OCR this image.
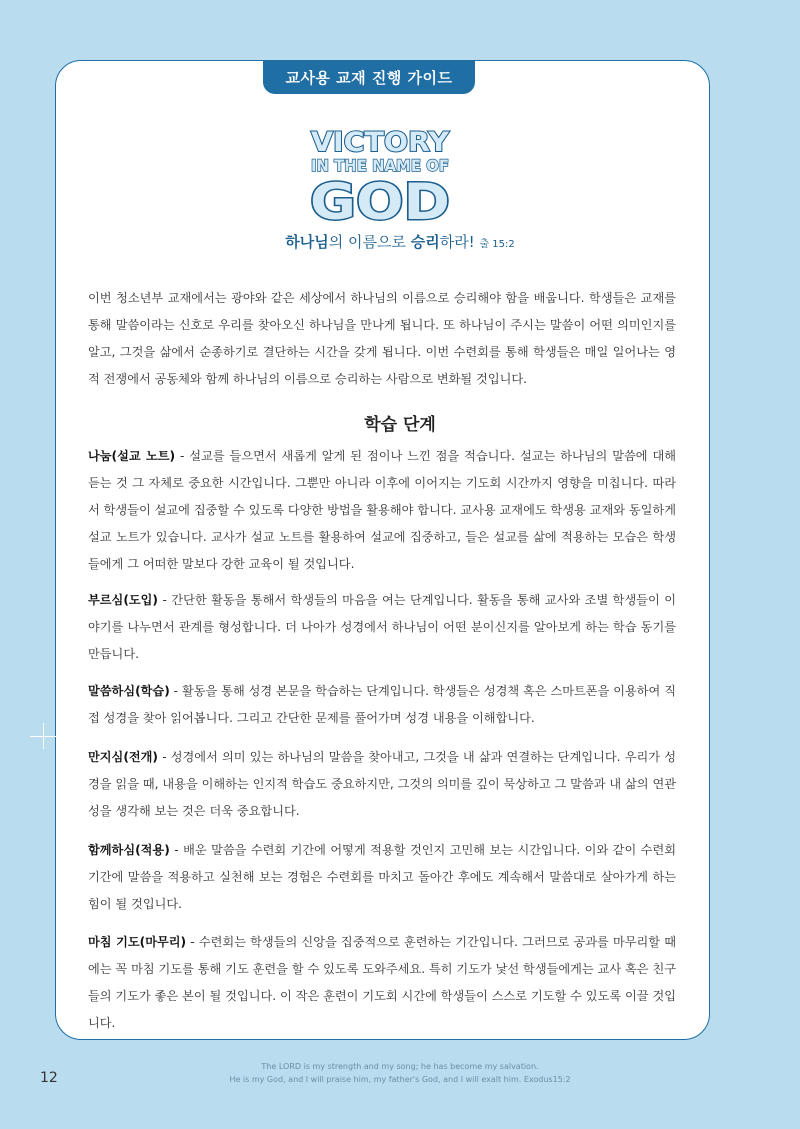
교사용 교재 진행 가이드
VICTORY
IN THE NAME OF
GOD
하나님의 이름으로 승리하라! 출 15:2

이번 청소년부 교재에서는 광야와 같은 세상에서 하나님의 이름으로 승리해야 함을 배웁니다. 학생들은 교재를 통해 말씀이라는 신호로 우리를 찾아오신 하나님을 만나게 됩니다. 또 하나님이 주시는 말씀이 어떤 의미인지를 알고, 그것을 삶에서 순종하기로 결단하는 시간을 갖게 됩니다. 이번 수련회를 통해 학생들은 매일 일어나는 영적 전쟁에서 공동체와 함께 하나님의 이름으로 승리하는 사람으로 변화될 것입니다.

학습 단계

나눔(설교 노트) - 설교를 들으면서 새롭게 알게 된 점이나 느낀 점을 적습니다. 설교는 하나님의 말씀에 대해 듣는 것 그 자체로 중요한 시간입니다. 그뿐만 아니라 이후에 이어지는 기도회 시간까지 영향을 미칩니다. 따라서 학생들이 설교에 집중할 수 있도록 다양한 방법을 활용해야 합니다. 교사용 교재에도 학생용 교재와 동일하게 설교 노트가 있습니다. 교사가 설교 노트를 활용하여 설교에 집중하고, 들은 설교를 삶에 적용하는 모습은 학생들에게 그 어떠한 말보다 강한 교육이 될 것입니다.

부르심(도입) - 간단한 활동을 통해서 학생들의 마음을 여는 단계입니다. 활동을 통해 교사와 조별 학생들이 이야기를 나누면서 관계를 형성합니다. 더 나아가 성경에서 하나님이 어떤 분이신지를 알아보게 하는 학습 동기를 만듭니다.

말씀하심(학습) - 활동을 통해 성경 본문을 학습하는 단계입니다. 학생들은 성경책 혹은 스마트폰을 이용하여 직접 성경을 찾아 읽어봅니다. 그리고 간단한 문제를 풀어가며 성경 내용을 이해합니다.

만지심(전개) - 성경에서 의미 있는 하나님의 말씀을 찾아내고, 그것을 내 삶과 연결하는 단계입니다. 우리가 성경을 읽을 때, 내용을 이해하는 인지적 학습도 중요하지만, 그것의 의미를 깊이 묵상하고 그 말씀과 내 삶의 연관성을 생각해 보는 것은 더욱 중요합니다.

함께하심(적용) - 배운 말씀을 수련회 기간에 어떻게 적용할 것인지 고민해 보는 시간입니다. 이와 같이 수련회 기간에 말씀을 적용하고 실천해 보는 경험은 수련회를 마치고 돌아간 후에도 계속해서 말씀대로 살아가게 하는 힘이 될 것입니다.

마침 기도(마무리) - 수련회는 학생들의 신앙을 집중적으로 훈련하는 기간입니다. 그러므로 공과를 마무리할 때에는 꼭 마침 기도를 통해 기도 훈련을 할 수 있도록 도와주세요. 특히 기도가 낯선 학생들에게는 교사 혹은 친구들의 기도가 좋은 본이 될 것입니다. 이 작은 훈련이 기도회 시간에 학생들이 스스로 기도할 수 있도록 이끌 것입니다.

The LORD is my strength and my song; he has become my salvation.
He is my God, and I will praise him, my father's God, and I will exalt him. Exodus15:2
12
